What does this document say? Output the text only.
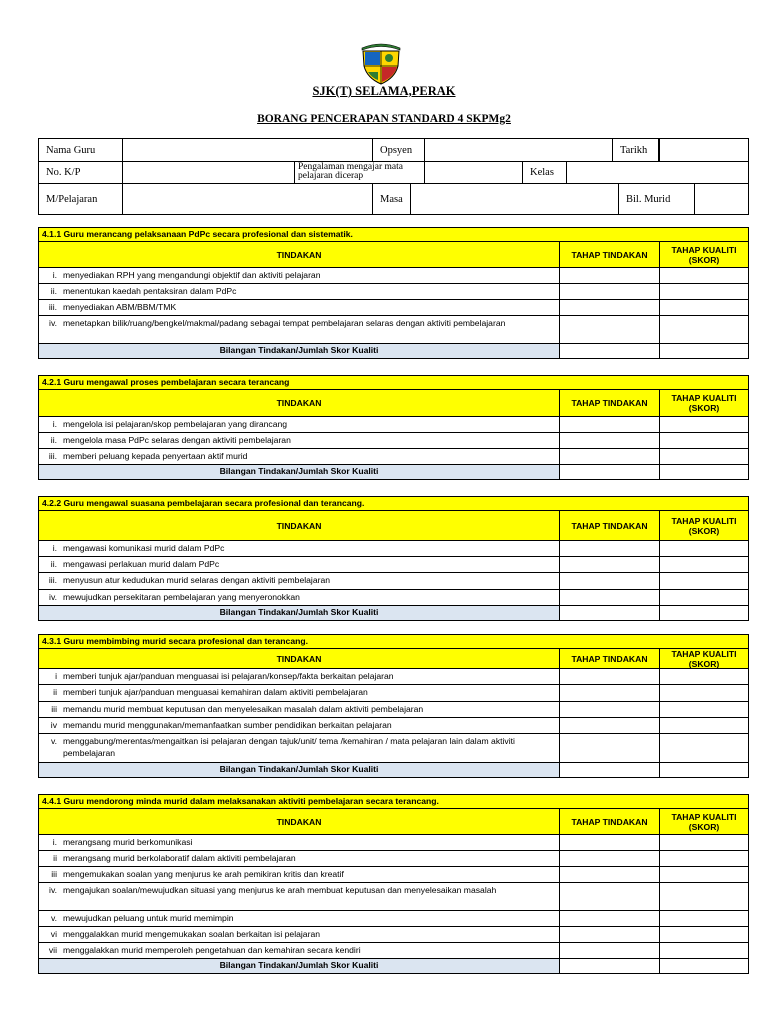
SJK(T) SELAMA,PERAK
BORANG PENCERAPAN STANDARD 4 SKPMg2
Nama Guru	Opsyen	Tarikh
No. K/P	Pengalaman mengajar mata pelajaran dicerap	Kelas
M/Pelajaran	Masa	Bil. Murid
4.1.1 Guru merancang pelaksanaan PdPc secara profesional dan sistematik.
TINDAKAN	TAHAP TINDAKAN	TAHAP KUALITI (SKOR)
i. menyediakan RPH yang mengandungi objektif dan aktiviti pelajaran
ii. menentukan kaedah pentaksiran dalam PdPc
iii. menyediakan ABM/BBM/TMK
iv. menetapkan bilik/ruang/bengkel/makmal/padang sebagai tempat pembelajaran selaras dengan aktiviti pembelajaran
Bilangan Tindakan/Jumlah Skor Kualiti
4.2.1 Guru mengawal proses pembelajaran secara terancang
TINDAKAN	TAHAP TINDAKAN	TAHAP KUALITI (SKOR)
i. mengelola isi pelajaran/skop pembelajaran yang dirancang
ii. mengelola masa PdPc selaras dengan aktiviti pembelajaran
iii. memberi peluang kepada penyertaan aktif murid
Bilangan Tindakan/Jumlah Skor Kualiti
4.2.2 Guru mengawal suasana pembelajaran secara profesional dan terancang.
TINDAKAN	TAHAP TINDAKAN	TAHAP KUALITI (SKOR)
i. mengawasi komunikasi murid dalam PdPc
ii. mengawasi perlakuan murid dalam PdPc
iii. menyusun atur kedudukan murid selaras dengan aktiviti pembelajaran
iv. mewujudkan persekitaran pembelajaran yang menyeronokkan
Bilangan Tindakan/Jumlah Skor Kualiti
4.3.1 Guru membimbing murid secara profesional dan terancang.
TINDAKAN	TAHAP TINDAKAN	TAHAP KUALITI (SKOR)
i memberi tunjuk ajar/panduan menguasai isi pelajaran/konsep/fakta berkaitan pelajaran
ii memberi tunjuk ajar/panduan menguasai kemahiran dalam aktiviti pembelajaran
iii memandu murid membuat keputusan dan menyelesaikan masalah dalam aktiviti pembelajaran
iv memandu murid menggunakan/memanfaatkan sumber pendidikan berkaitan pelajaran
v. menggabung/merentas/mengaitkan isi pelajaran dengan tajuk/unit/ tema /kemahiran / mata pelajaran lain dalam aktiviti pembelajaran
Bilangan Tindakan/Jumlah Skor Kualiti
4.4.1 Guru mendorong minda murid dalam melaksanakan aktiviti pembelajaran secara terancang.
TINDAKAN	TAHAP TINDAKAN	TAHAP KUALITI (SKOR)
i. merangsang murid berkomunikasi
ii merangsang murid berkolaboratif dalam aktiviti pembelajaran
iii mengemukakan soalan yang menjurus ke arah pemikiran kritis dan kreatif
iv. mengajukan soalan/mewujudkan situasi yang menjurus ke arah membuat keputusan dan menyelesaikan masalah
v. mewujudkan peluang untuk murid memimpin
vi menggalakkan murid mengemukakan soalan berkaitan isi pelajaran
vii menggalakkan murid memperoleh pengetahuan dan kemahiran secara kendiri
Bilangan Tindakan/Jumlah Skor Kualiti
